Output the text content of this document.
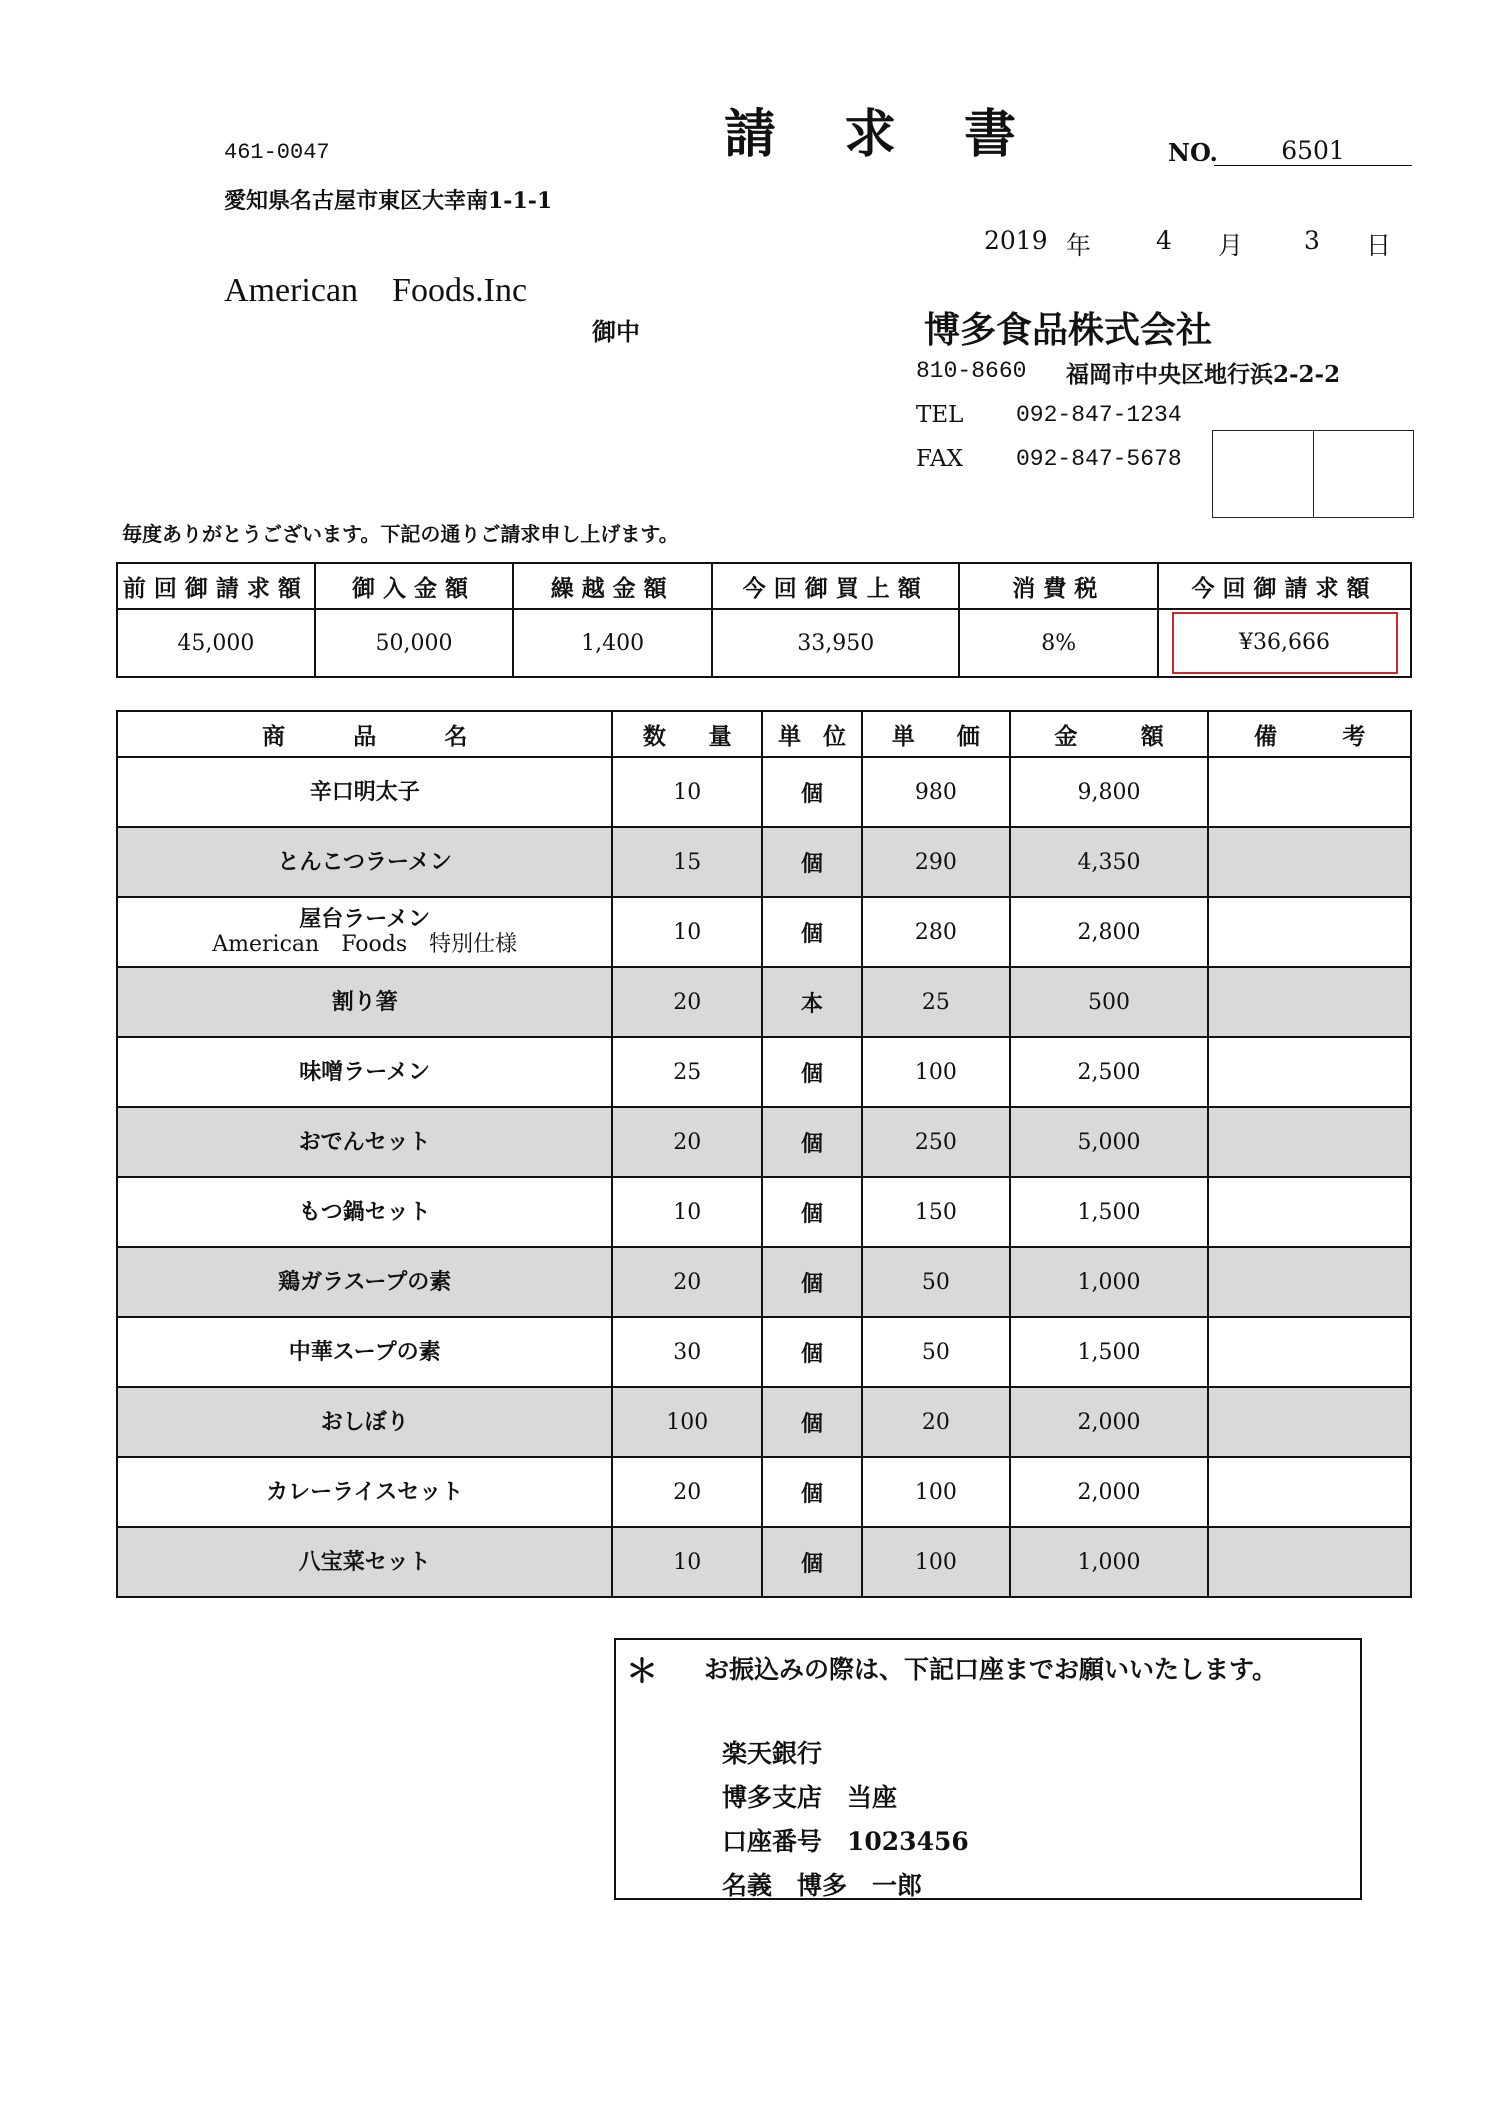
請求書
461-0047
愛知県名古屋市東区大幸南1-1-1
American　Foods.Inc
御中
NO.	6501
2019 年	4 月 3 日
博多食品株式会社
810-8660 福岡市中央区地行浜2-2-2
TEL 092-847-1234
FAX 092-847-5678
毎度ありがとうございます。下記の通りご請求申し上げます。
前回御請求額	御入金額	繰越金額	今回御買上額	消費税	今回御請求額
45,000	50,000	1,400	33,950	8%	¥36,666
商 品 名	数 量	単 位	単 価	金 額	備 考

辛口明太子	10	個	980	9,800	

とんこつラーメン	15	個	290	4,350	

屋台ラーメン
American　Foods　特別仕様	10	個	280	2,800	

割り箸	20	本	25	500	

味噌ラーメン	25	個	100	2,500	

おでんセット	20	個	250	5,000	

もつ鍋セット	10	個	150	1,500	

鶏ガラスープの素	20	個	50	1,000	

中華スープの素	30	個	50	1,500	

おしぼり	100	個	20	2,000	

カレーライスセット	20	個	100	2,000	

八宝菜セット	10	個	100	1,000	
＊ お振込みの際は、下記口座までお願いいたします。
楽天銀行
博多支店　当座
口座番号　1023456
名義　博多　一郎
